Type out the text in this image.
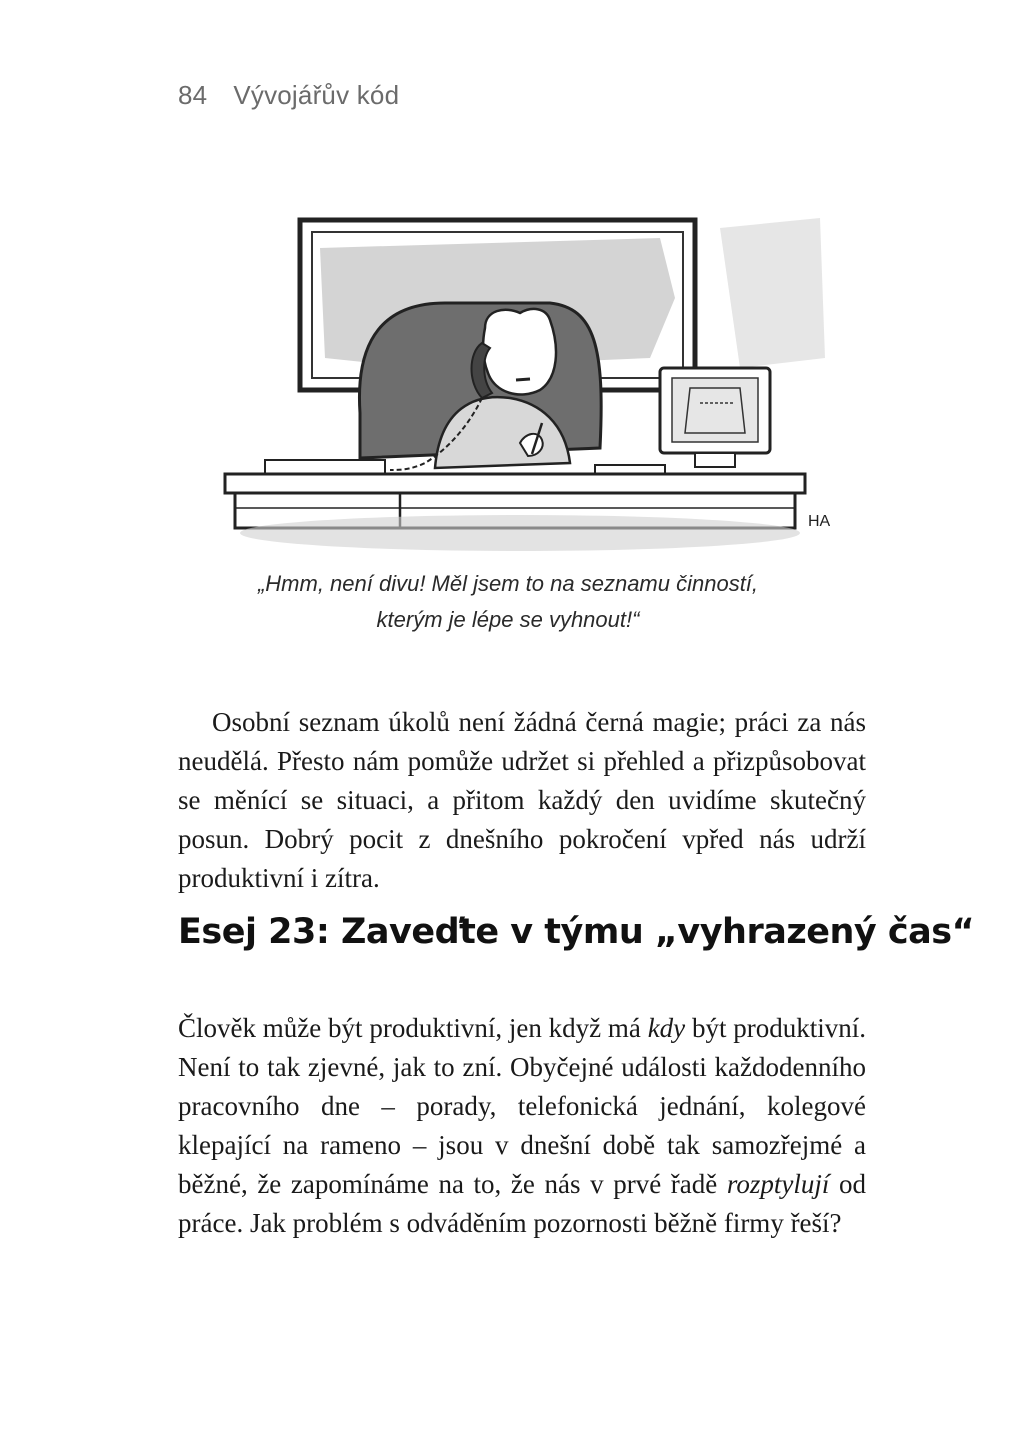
84 Vývojářův kód
HA
„Hmm, není divu! Měl jsem to na seznamu činností,
kterým je lépe se vyhnout!“

Osobní seznam úkolů není žádná černá magie; práci za nás neudělá. Přesto nám pomůže udržet si přehled a přizpůsobovat se měnící se situaci, a přitom každý den uvidíme skutečný posun. Dobrý pocit z dnešního pokročení vpřed nás udrží produktivní i zítra.

Esej 23: Zaveďte v týmu „vyhrazený čas“

Člověk může být produktivní, jen když má kdy být produktivní. Není to tak zjevné, jak to zní. Obyčejné události každodenního pracovního dne – porady, telefonická jednání, kolegové klepající na rameno – jsou v dnešní době tak samozřejmé a běžné, že zapomínáme na to, že nás v prvé řadě rozptylují od práce. Jak problém s odváděním pozornosti běžně firmy řeší?
